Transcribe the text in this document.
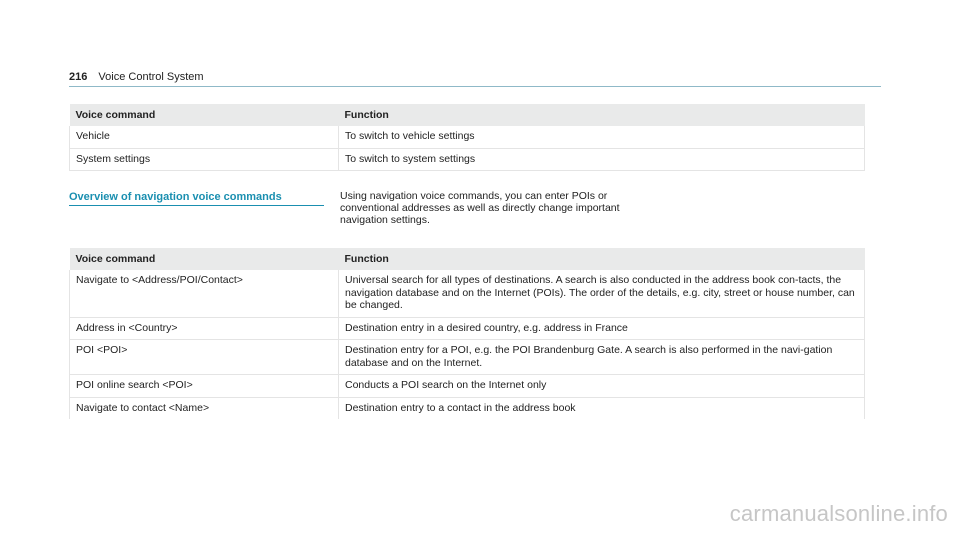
216 Voice Control System
Voice command	Function
Vehicle	To switch to vehicle settings
System settings	To switch to system settings
Overview of navigation voice commands	Using navigation voice commands, you can enter POIs or conventional addresses as well as directly change important navigation settings.
Voice command	Function
Navigate to <Address/POI/Contact>	Universal search for all types of destinations. A search is also conducted in the address book con-tacts, the navigation database and on the Internet (POIs). The order of the details, e.g. city, street or house number, can be changed.
Address in <Country>	Destination entry in a desired country, e.g. address in France
POI <POI>	Destination entry for a POI, e.g. the POI Brandenburg Gate. A search is also performed in the navi-gation database and on the Internet.
POI online search <POI>	Conducts a POI search on the Internet only
Navigate to contact <Name>	Destination entry to a contact in the address book
carmanualsonline.info
